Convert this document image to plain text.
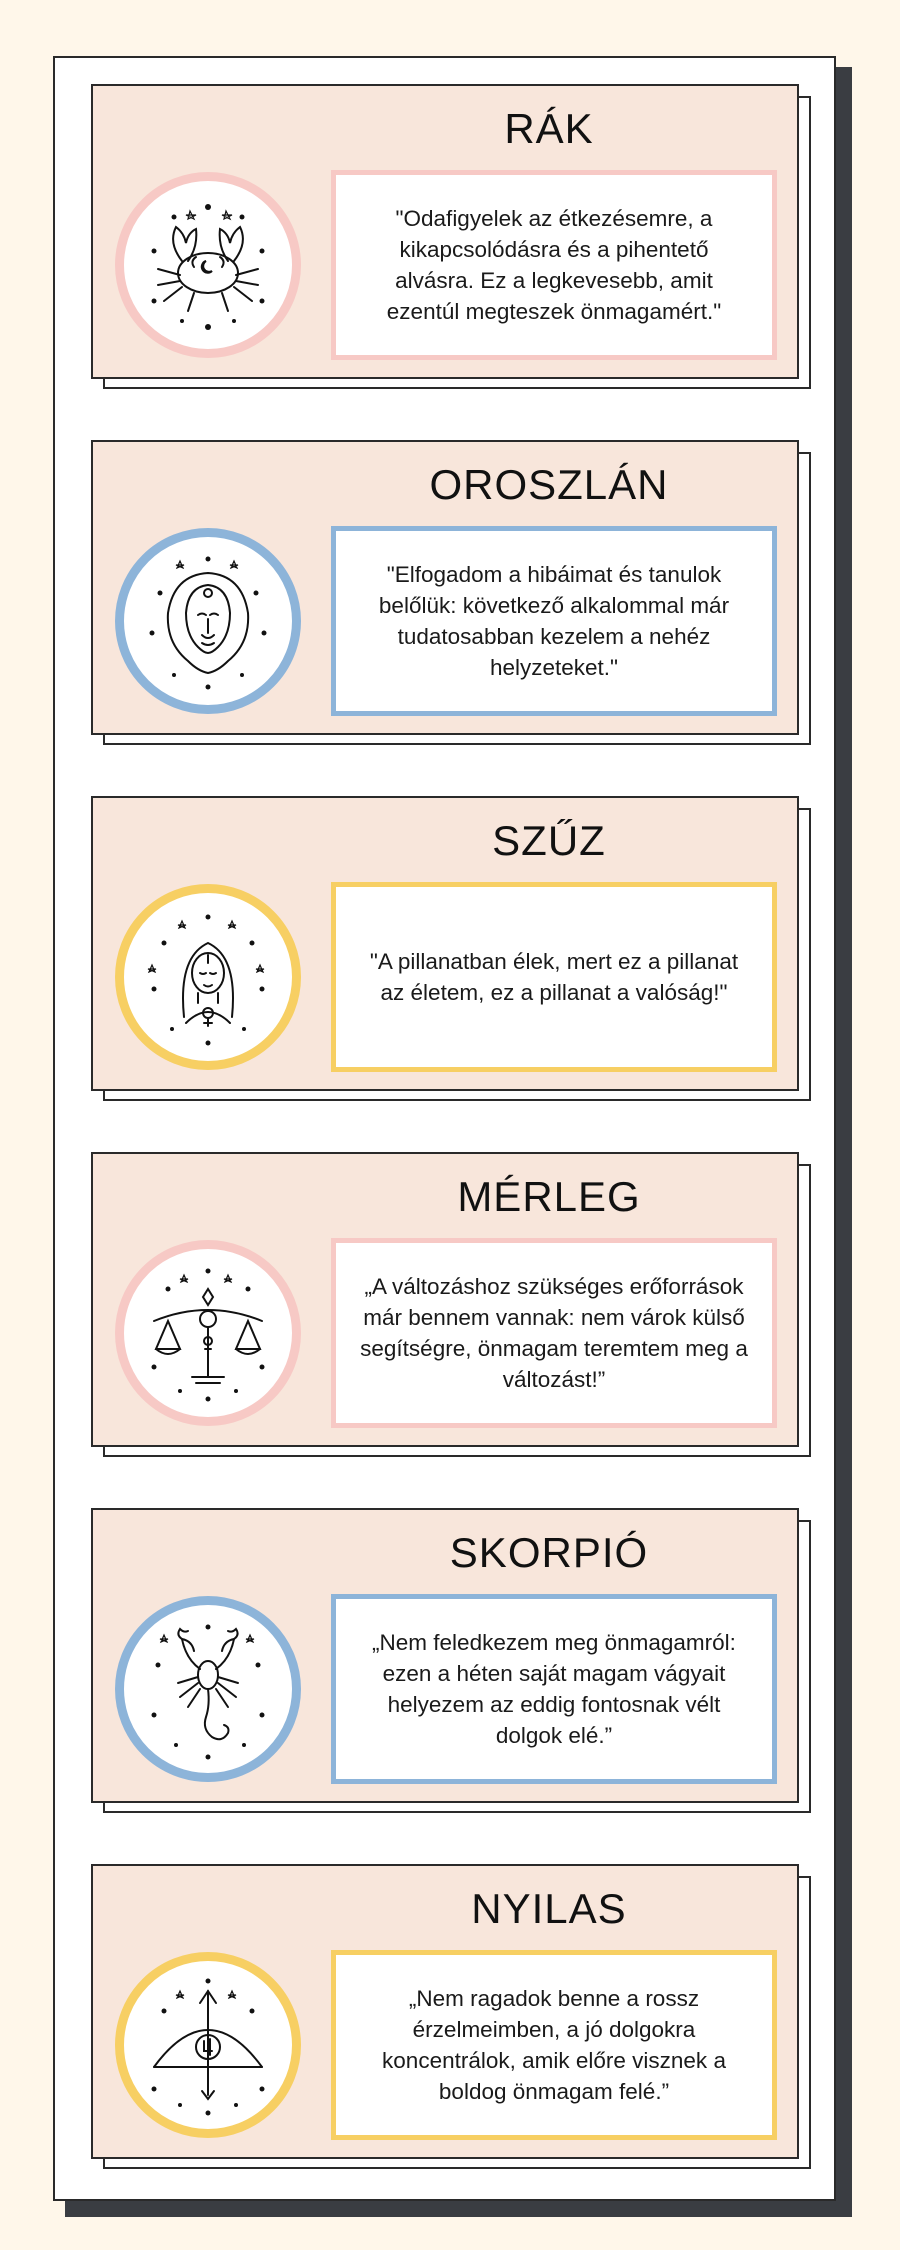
RÁK
"Odafigyelek az étkezésemre, a kikapcsolódásra és a pihentető alvásra. Ez a legkevesebb, amit ezentúl megteszek önmagamért."
OROSZLÁN
"Elfogadom a hibáimat és tanulok belőlük: következő alkalommal már tudatosabban kezelem a nehéz helyzeteket."
SZŰZ
"A pillanatban élek, mert ez a pillanat az életem, ez a pillanat a valóság!"
MÉRLEG
„A változáshoz szükséges erőforrások már bennem vannak: nem várok külső segítségre, önmagam teremtem meg a változást!”
SKORPIÓ
„Nem feledkezem meg önmagamról: ezen a héten saját magam vágyait helyezem az eddig fontosnak vélt dolgok elé.”
NYILAS
„Nem ragadok benne a rossz érzelmeimben, a jó dolgokra koncentrálok, amik előre visznek a boldog önmagam felé.”
